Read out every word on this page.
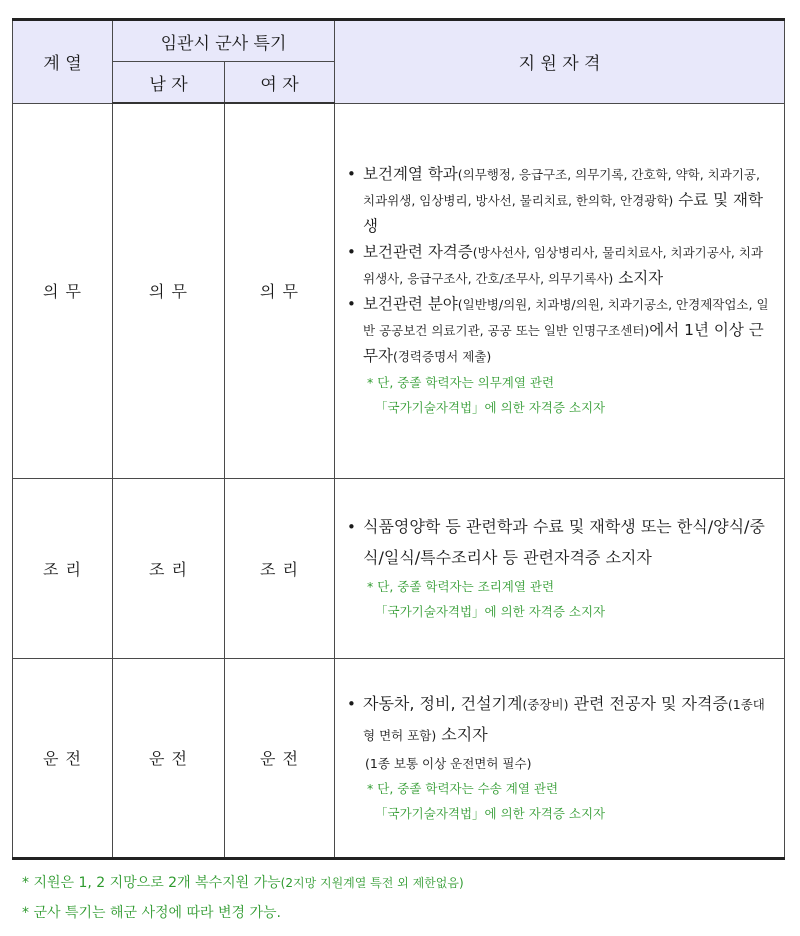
계 열	임관시 군사 특기		지 원 자 격
	남 자	여 자	
의 무	의 무	의 무	• 보건계열 학과(의무행정, 응급구조, 의무기록, 간호학, 약학, 치과기공, 치과위생, 임상병리, 방사선, 물리치료, 한의학, 안경광학) 수료 및 재학생
• 보건관련 자격증(방사선사, 임상병리사, 물리치료사, 치과기공사, 치과위생사, 응급구조사, 간호/조무사, 의무기록사) 소지자
• 보건관련 분야(일반병/의원, 치과병/의원, 치과기공소, 안경제작업소, 일반 공공보건 의료기관, 공공 또는 일반 인명구조센터)에서 1년 이상 근무자(경력증명서 제출)
* 단, 중졸 학력자는 의무계열 관련
「국가기술자격법」에 의한 자격증 소지자

조 리	조 리	조 리	• 식품영양학 등 관련학과 수료 및 재학생 또는 한식/양식/중식/일식/특수조리사 등 관련자격증 소지자
* 단, 중졸 학력자는 조리계열 관련
「국가기술자격법」에 의한 자격증 소지자

운 전	운 전	운 전	• 자동차, 정비, 건설기계(중장비) 관련 전공자 및 자격증(1종대형 면허 포함) 소지자
(1종 보통 이상 운전면허 필수)
* 단, 중졸 학력자는 수송 계열 관련
「국가기술자격법」에 의한 자격증 소지자
* 지원은 1, 2 지망으로 2개 복수지원 가능(2지망 지원계열 특전 외 제한없음)
* 군사 특기는 해군 사정에 따라 변경 가능.
